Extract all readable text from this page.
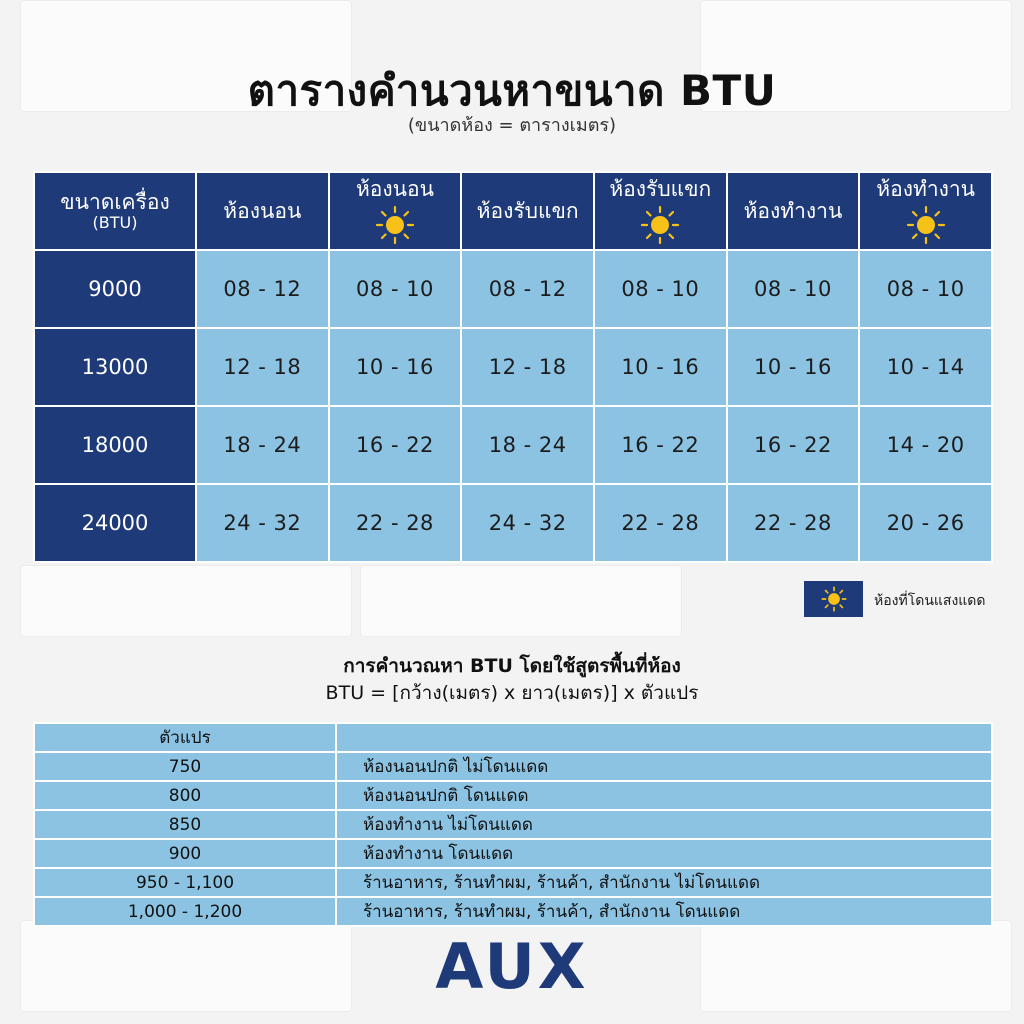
ตารางคำนวนหาขนาด BTU
(ขนาดห้อง = ตารางเมตร)
ขนาดเครื่อง
(BTU)	ห้องนอน	ห้องนอน	ห้องรับแขก	ห้องรับแขก	ห้องทำงาน	ห้องทำงาน

9000	08 - 12	08 - 10	08 - 12	08 - 10	08 - 10	08 - 10
13000	12 - 18	10 - 16	12 - 18	10 - 16	10 - 16	10 - 14
18000	18 - 24	16 - 22	18 - 24	16 - 22	16 - 22	14 - 20
24000	24 - 32	22 - 28	24 - 32	22 - 28	22 - 28	20 - 26
ห้องที่โดนแสงแดด
การคำนวณหา BTU โดยใช้สูตรพื้นที่ห้อง
BTU = [กว้าง(เมตร) x ยาว(เมตร)] x ตัวแปร
ตัวแปร	
750	ห้องนอนปกติ ไม่โดนแดด
800	ห้องนอนปกติ โดนแดด
850	ห้องทำงาน ไม่โดนแดด
900	ห้องทำงาน โดนแดด
950 - 1,100	ร้านอาหาร, ร้านทำผม, ร้านค้า, สำนักงาน ไม่โดนแดด
1,000 - 1,200	ร้านอาหาร, ร้านทำผม, ร้านค้า, สำนักงาน โดนแดด
AUX
